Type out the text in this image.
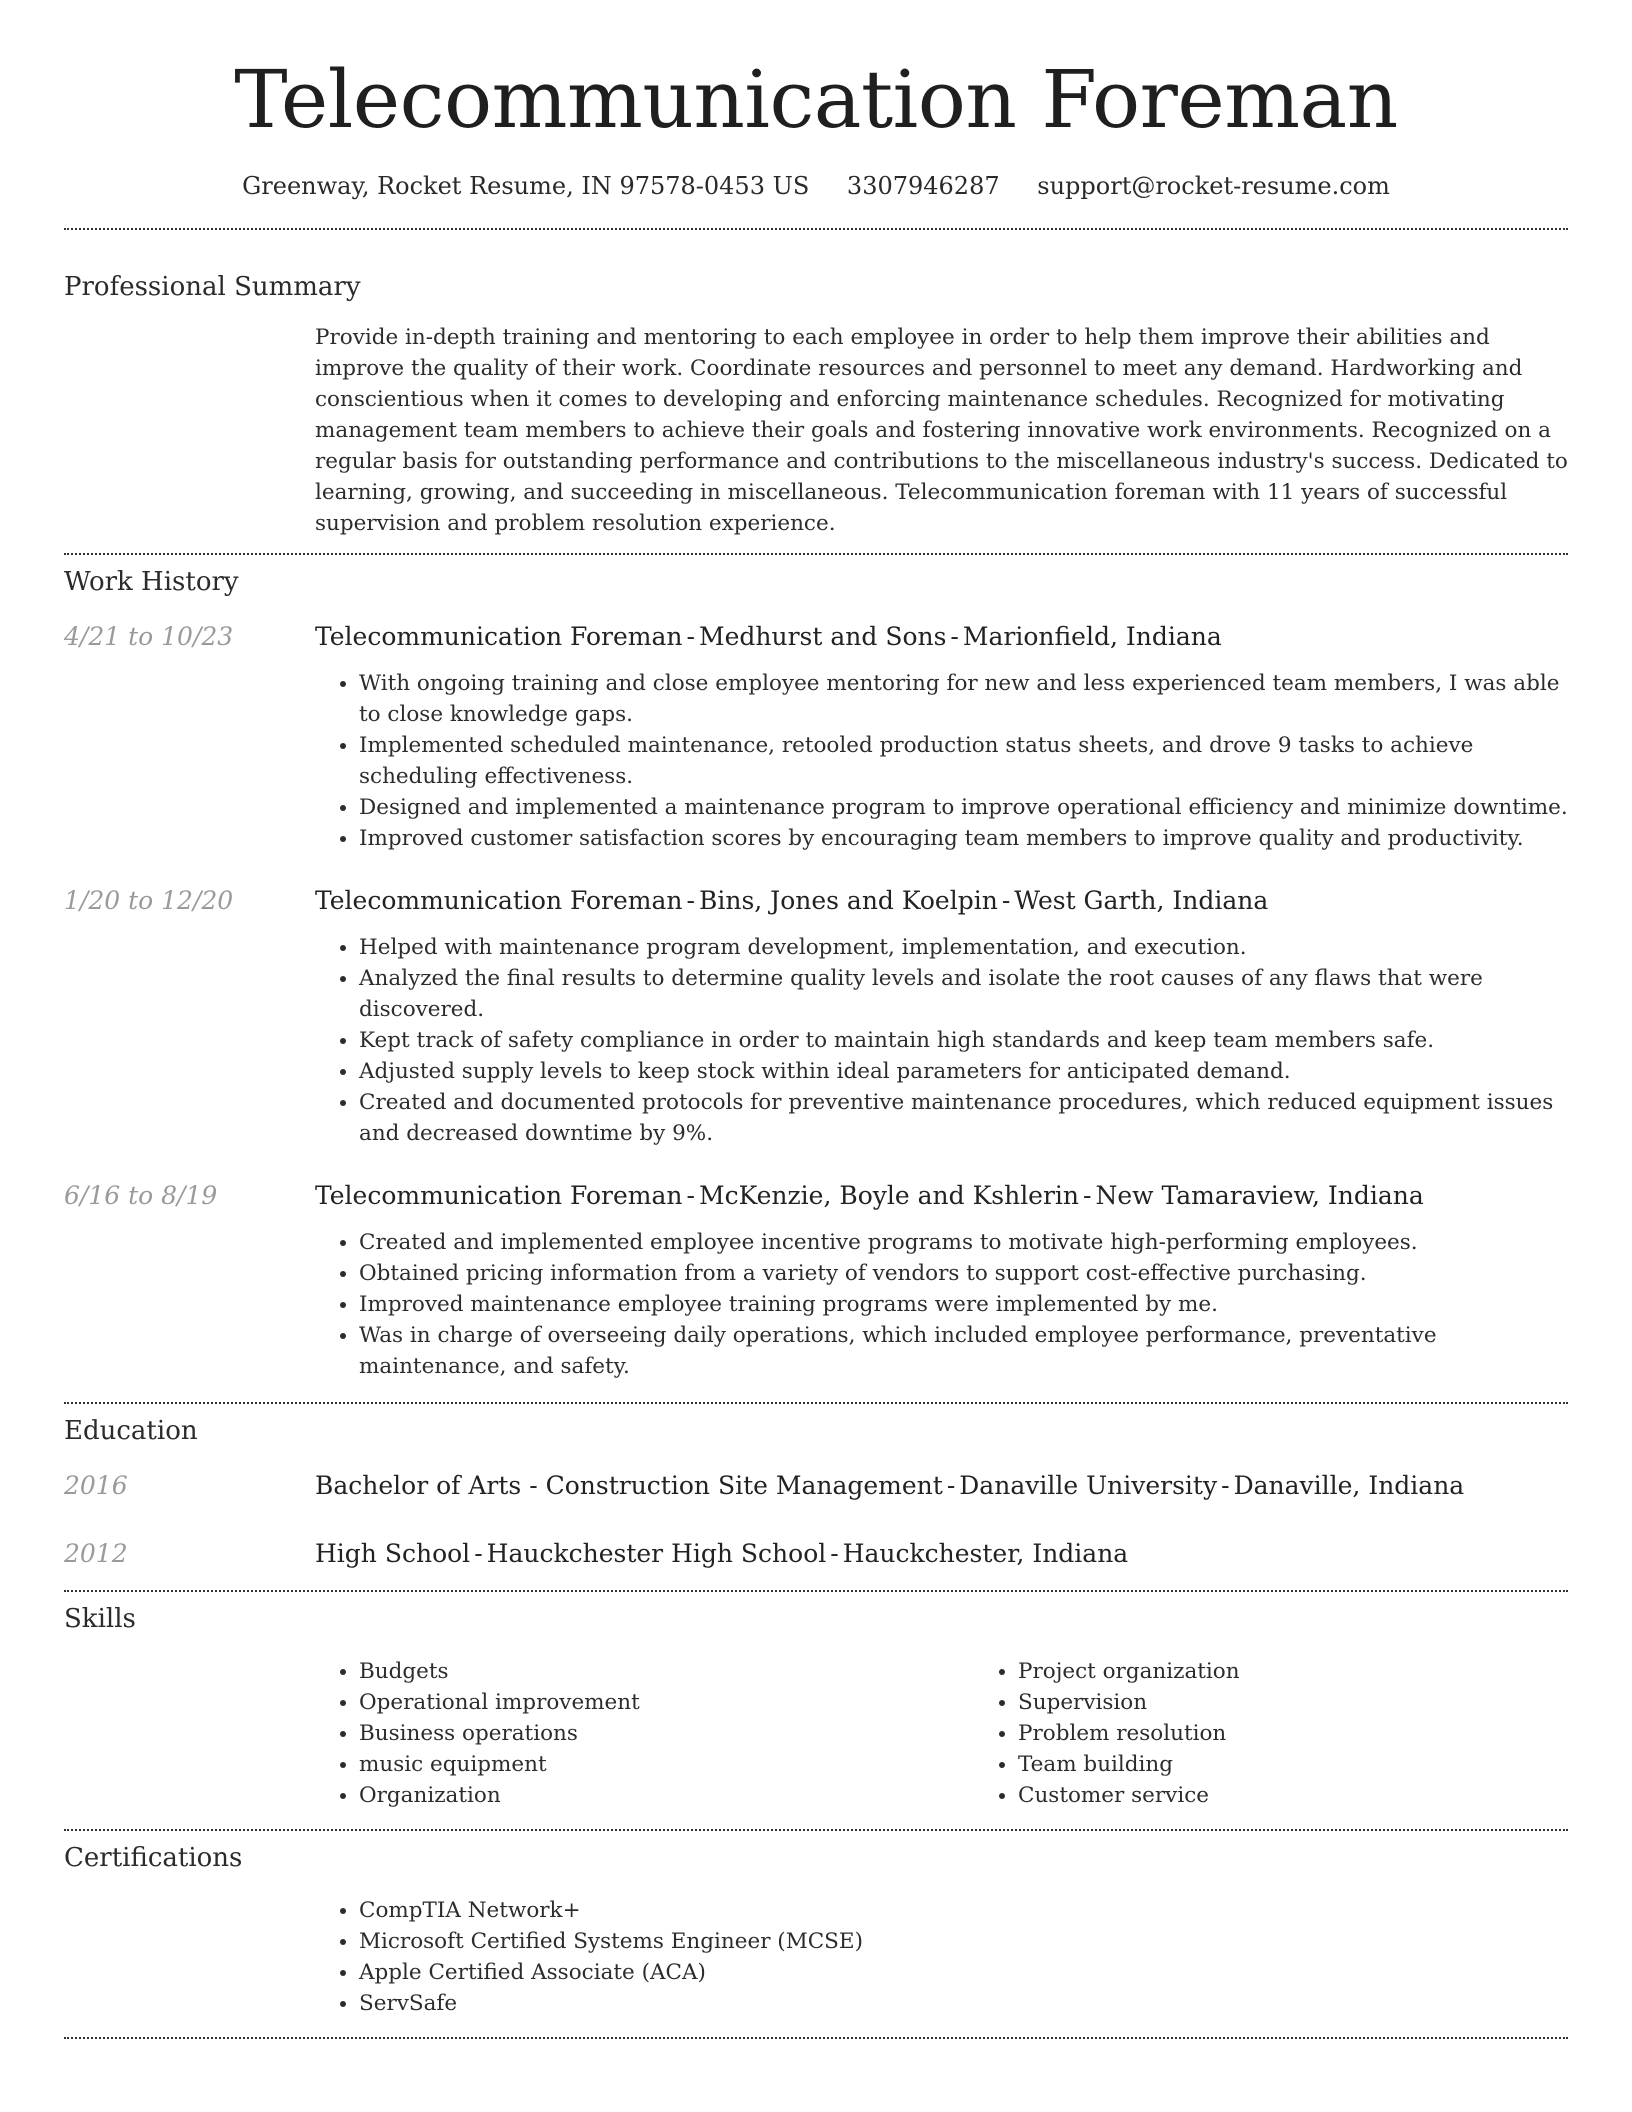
Telecommunication Foreman
Greenway, Rocket Resume, IN 97578-0453 US 3307946287 support@rocket-resume.com
Professional Summary

Provide in-depth training and mentoring to each employee in order to help them improve their abilities and improve the quality of their work. Coordinate resources and personnel to meet any demand. Hardworking and conscientious when it comes to developing and enforcing maintenance schedules. Recognized for motivating management team members to achieve their goals and fostering innovative work environments. Recognized on a regular basis for outstanding performance and contributions to the miscellaneous industry's success. Dedicated to learning, growing, and succeeding in miscellaneous. Telecommunication foreman with 11 years of successful supervision and problem resolution experience.

Work History
4/21 to 10/23	Telecommunication Foreman - Medhurst and Sons - Marionfield, Indiana
• With ongoing training and close employee mentoring for new and less experienced team members, I was able to close knowledge gaps.
• Implemented scheduled maintenance, retooled production status sheets, and drove 9 tasks to achieve scheduling effectiveness.
• Designed and implemented a maintenance program to improve operational efficiency and minimize downtime.
• Improved customer satisfaction scores by encouraging team members to improve quality and productivity.
1/20 to 12/20	Telecommunication Foreman - Bins, Jones and Koelpin - West Garth, Indiana
• Helped with maintenance program development, implementation, and execution.
• Analyzed the final results to determine quality levels and isolate the root causes of any flaws that were discovered.
• Kept track of safety compliance in order to maintain high standards and keep team members safe.
• Adjusted supply levels to keep stock within ideal parameters for anticipated demand.
• Created and documented protocols for preventive maintenance procedures, which reduced equipment issues and decreased downtime by 9%.
6/16 to 8/19	Telecommunication Foreman - McKenzie, Boyle and Kshlerin - New Tamaraview, Indiana
• Created and implemented employee incentive programs to motivate high-performing employees.
• Obtained pricing information from a variety of vendors to support cost-effective purchasing.
• Improved maintenance employee training programs were implemented by me.
• Was in charge of overseeing daily operations, which included employee performance, preventative maintenance, and safety.
Education
2016	Bachelor of Arts - Construction Site Management - Danaville University - Danaville, Indiana
2012	High School - Hauckchester High School - Hauckchester, Indiana
Skills
• Budgets
• Operational improvement
• Business operations
• music equipment
• Organization
• Project organization
• Supervision
• Problem resolution
• Team building
• Customer service
Certifications
• CompTIA Network+
• Microsoft Certified Systems Engineer (MCSE)
• Apple Certified Associate (ACA)
• ServSafe
